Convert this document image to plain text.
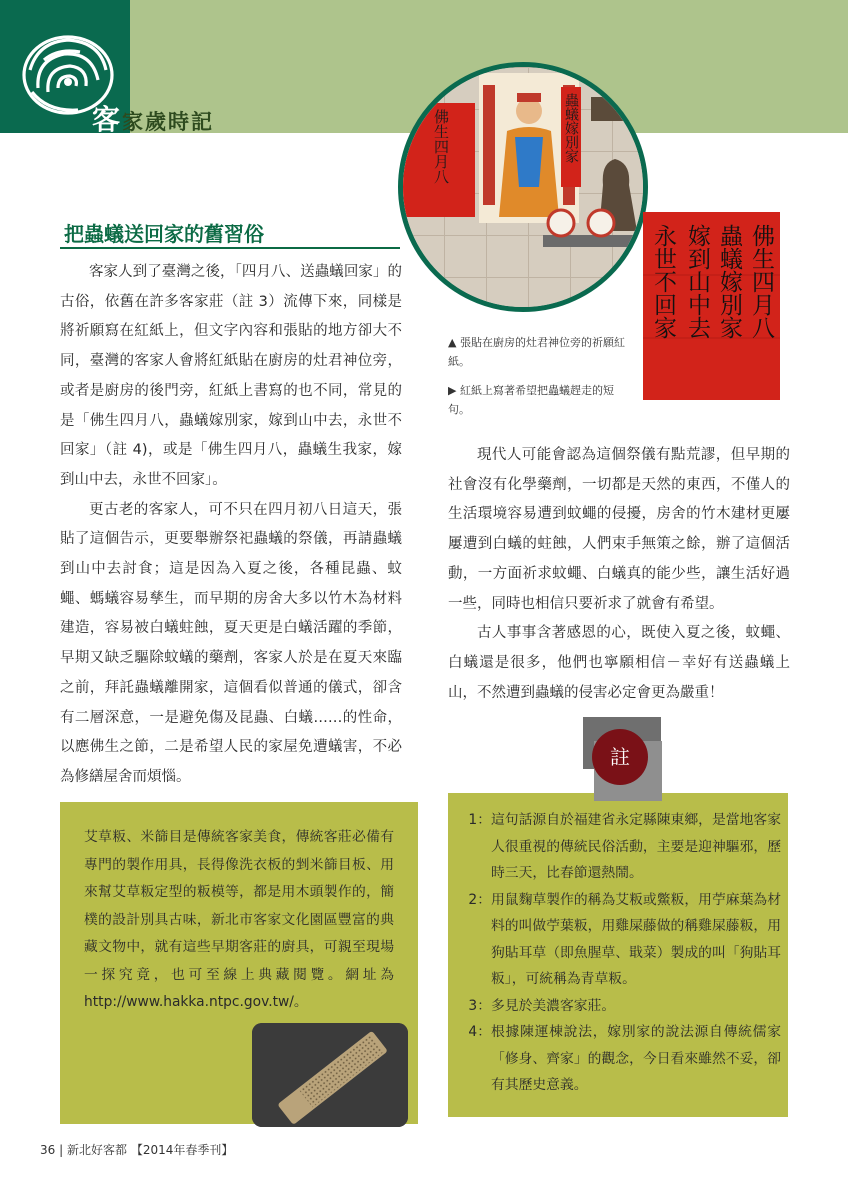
客家歲時記	佛生四月八	蟲蟻嫁別家
佛生四月八
蟲蟻嫁別家
嫁到山中去
永世不回家
▲ 張貼在廚房的灶君神位旁的祈願紅紙。
▶ 紅紙上寫著希望把蟲蟻趕走的短句。
把蟲蟻送回家的舊習俗

客家人到了臺灣之後，「四月八、送蟲蟻回家」的古俗，依舊在許多客家莊（註 3）流傳下來，同樣是將祈願寫在紅紙上，但文字內容和張貼的地方卻大不同，臺灣的客家人會將紅紙貼在廚房的灶君神位旁，或者是廚房的後門旁，紅紙上書寫的也不同，常見的是「佛生四月八，蟲蟻嫁別家，嫁到山中去，永世不回家」（註 4)，或是「佛生四月八，蟲蟻生我家，嫁到山中去，永世不回家」。

更古老的客家人，可不只在四月初八日這天，張貼了這個告示，更要舉辦祭祀蟲蟻的祭儀，再請蟲蟻到山中去討食；這是因為入夏之後，各種昆蟲、蚊蠅、螞蟻容易孳生，而早期的房舍大多以竹木為材料建造，容易被白蟻蛀蝕，夏天更是白蟻活躍的季節，早期又缺乏驅除蚊蟻的藥劑，客家人於是在夏天來臨之前，拜託蟲蟻離開家，這個看似普通的儀式，卻含有二層深意，一是避免傷及昆蟲、白蟻……的性命，以應佛生之節，二是希望人民的家屋免遭蟻害，不必為修繕屋舍而煩惱。

現代人可能會認為這個祭儀有點荒謬，但早期的社會沒有化學藥劑，一切都是天然的東西，不僅人的生活環境容易遭到蚊蠅的侵擾，房舍的竹木建材更屢屢遭到白蟻的蛀蝕，人們束手無策之餘，辦了這個活動，一方面祈求蚊蠅、白蟻真的能少些，讓生活好過一些，同時也相信只要祈求了就會有希望。

古人事事含著感恩的心，既使入夏之後，蚊蠅、白蟻還是很多，他們也寧願相信－幸好有送蟲蟻上山，不然遭到蟲蟻的侵害必定會更為嚴重！

艾草粄、米篩目是傳統客家美食，傳統客莊必備有專門的製作用具，長得像洗衣板的剉米篩目板、用來幫艾草粄定型的粄模等，都是用木頭製作的，簡樸的設計別具古味，新北市客家文化園區豐富的典藏文物中，就有這些早期客莊的廚具，可親至現場一探究竟，也可至線上典藏閱覽。網址為 http://www.hakka.ntpc.gov.tw/。
註
1： 這句話源自於福建省永定縣陳東鄉，是當地客家人很重視的傳統民俗活動，主要是迎神驅邪，歷時三天，比春節還熱鬧。
2： 用鼠麴草製作的稱為艾粄或鱉粄，用苧麻葉為材料的叫做苧葉粄，用雞屎藤做的稱雞屎藤粄，用狗貼耳草（即魚腥草、戢菜）製成的叫「狗貼耳粄」，可統稱為青草粄。
3： 多見於美濃客家莊。
4： 根據陳運棟說法，嫁別家的說法源自傳統儒家「修身、齊家」的觀念，今日看來雖然不妥，卻有其歷史意義。
36 | 新北好客都 【2014年春季刊】
